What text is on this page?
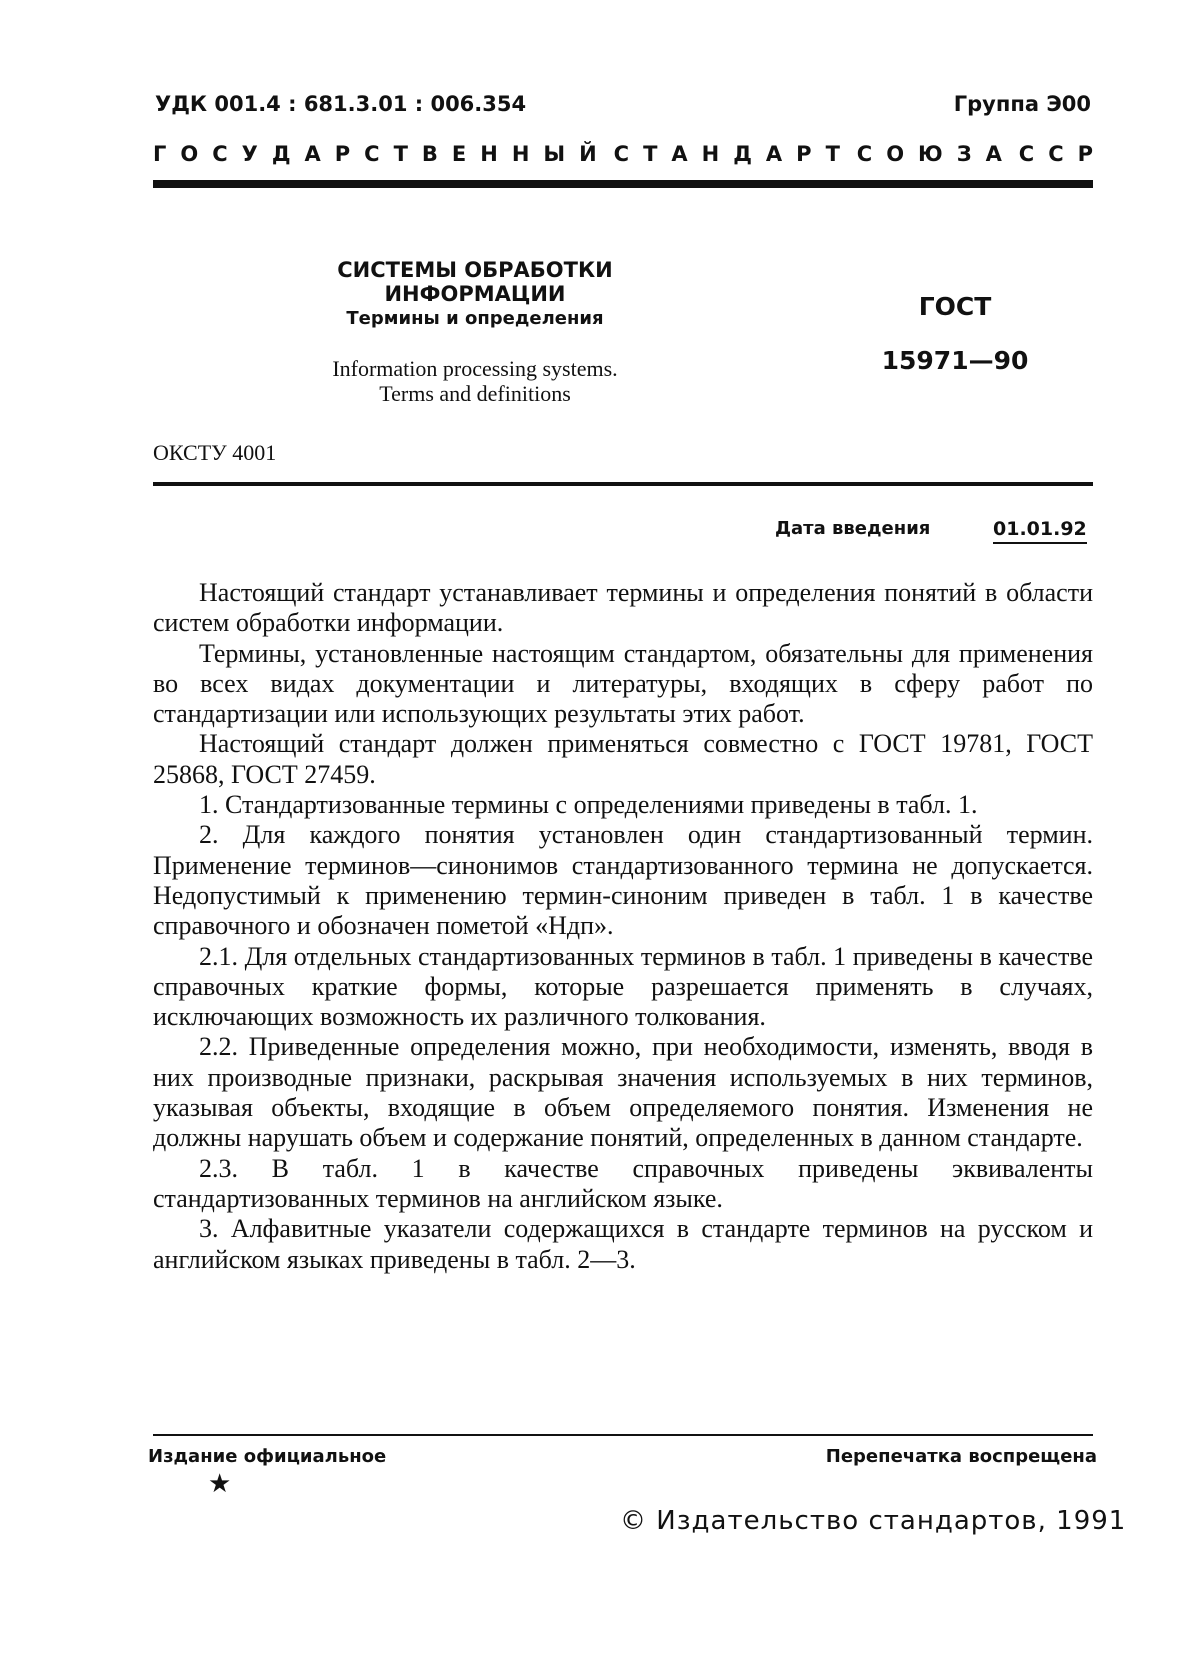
УДК 001.4 : 681.3.01 : 006.354	Группа Э00
ГОСУДАРСТВЕННЫЙ СТАНДАРТ СОЮЗА ССР
СИСТЕМЫ ОБРАБОТКИ ИНФОРМАЦИИ
Термины и определения
Information processing systems.
Terms and definitions
ГОСТ
15971—90
ОКСТУ 4001
Дата введения	01.01.92

Настоящий стандарт устанавливает термины и определения понятий в области систем обработки информации.

Термины, установленные настоящим стандартом, обязательны для применения во всех видах документации и литературы, входящих в сферу работ по стандартизации или использующих результаты этих работ.

Настоящий стандарт должен применяться совместно с ГОСТ 19781, ГОСТ 25868, ГОСТ 27459.

1. Стандартизованные термины с определениями приведены в табл. 1.

2. Для каждого понятия установлен один стандартизованный термин. Применение терминов—синонимов стандартизованного термина не допускается. Недопустимый к применению термин-синоним приведен в табл. 1 в качестве справочного и обозначен пометой «Ндп».

2.1. Для отдельных стандартизованных терминов в табл. 1 приведены в качестве справочных краткие формы, которые разрешается применять в случаях, исключающих возможность их различного толкования.

2.2. Приведенные определения можно, при необходимости, изменять, вводя в них производные признаки, раскрывая значения используемых в них терминов, указывая объекты, входящие в объем определяемого понятия. Изменения не должны нарушать объем и содержание понятий, определенных в данном стандарте.

2.3. В табл. 1 в качестве справочных приведены эквиваленты стандартизованных терминов на английском языке.

3. Алфавитные указатели содержащихся в стандарте терминов на русском и английском языках приведены в табл. 2—3.

Издание официальное	Перепечатка воспрещена
★
© Издательство стандартов, 1991
